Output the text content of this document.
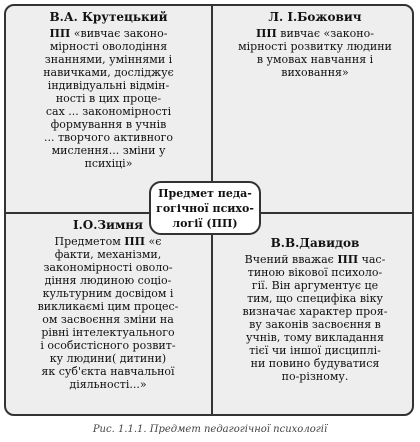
В.А. Крутецький
ПП «вивчає законо-
мірності оволодіння
знаннями, уміннями і
навичками, досліджує
індивідуальні відмін-
ності в цих проце-
сах ... закономірності
формування в учнів
... творчого активного
мислення... зміни у
психіці»
Л. І.Божович
ПП вивчає «законо-
мірності розвитку людини
в умовах навчання і
виховання»
І.О.Зимня
Предметом ПП «є
факти, механізми,
закономірності оволо-
діння людиною соціо-
культурним досвідом і
викликаємі цим процес-
ом засвоєння зміни на
рівні інтелектуального
і особистісного розвит-
ку людини( дитини)
як суб'єкта навчальної
діяльності...»
В.В.Давидов
Вчений вважає ПП час-
тиною вікової психоло-
гії. Він аргументує це
тим, що специфіка віку
визначає характер проя-
ву законів засвоєння в
учнів, тому викладання
тієї чи іншої дисциплі-
ни повино будуватися
по-різному.
Предмет педа-
гогічної психо-
логії (ПП)
Рис. 1.1.1. Предмет педагогічної психології
